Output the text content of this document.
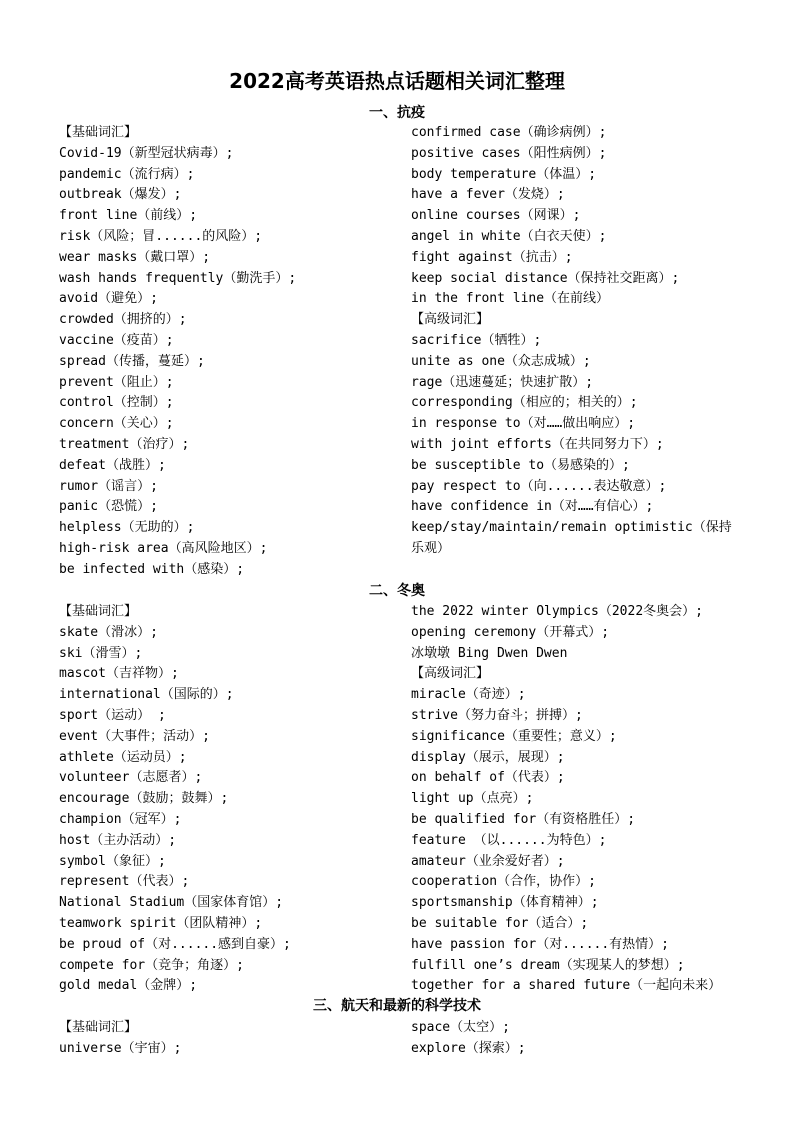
2022高考英语热点话题相关词汇整理
一、抗疫
【基础词汇】
Covid-19（新型冠状病毒）;
pandemic（流行病）;
outbreak（爆发）;
front line（前线）;
risk（风险；冒......的风险）;
wear masks（戴口罩）;
wash hands frequently（勤洗手）;
avoid（避免）;
crowded（拥挤的）;
vaccine（疫苗）;
spread（传播，蔓延）;
prevent（阻止）;
control（控制）;
concern（关心）;
treatment（治疗）;
defeat（战胜）;
rumor（谣言）;
panic（恐慌）;
helpless（无助的）;
high-risk area（高风险地区）;
be infected with（感染）;
confirmed case（确诊病例）;
positive cases（阳性病例）;
body temperature（体温）;
have a fever（发烧）;
online courses（网课）;
angel in white（白衣天使）;
fight against（抗击）;
keep social distance（保持社交距离）;
in the front line（在前线）
【高级词汇】
sacrifice（牺牲）;
unite as one（众志成城）;
rage（迅速蔓延；快速扩散）;
corresponding（相应的；相关的）;
in response to（对……做出响应）;
with joint efforts（在共同努力下）;
be susceptible to（易感染的）;
pay respect to（向......表达敬意）;
have confidence in（对……有信心）;
keep/stay/maintain/remain optimistic（保持乐观）
二、冬奥
【基础词汇】
skate（滑冰）;
ski（滑雪）;
mascot（吉祥物）;
international（国际的）;
sport（运动） ;
event（大事件；活动）;
athlete（运动员）;
volunteer（志愿者）;
encourage（鼓励；鼓舞）;
champion（冠军）;
host（主办活动）;
symbol（象征）;
represent（代表）;
National Stadium（国家体育馆）;
teamwork spirit（团队精神）;
be proud of（对......感到自豪）;
compete for（竞争；角逐）;
gold medal（金牌）;
the 2022 winter Olympics（2022冬奥会）;
opening ceremony（开幕式）;
冰墩墩 Bing Dwen Dwen
【高级词汇】
miracle（奇迹）;
strive（努力奋斗；拼搏）;
significance（重要性；意义）;
display（展示，展现）;
on behalf of（代表）;
light up（点亮）;
be qualified for（有资格胜任）;
feature （以......为特色）;
amateur（业余爱好者）;
cooperation（合作，协作）;
sportsmanship（体育精神）;
be suitable for（适合）;
have passion for（对......有热情）;
fulfill one’s dream（实现某人的梦想）;
together for a shared future（一起向未来）
三、航天和最新的科学技术
【基础词汇】
universe（宇宙）;
space（太空）;
explore（探索）;
